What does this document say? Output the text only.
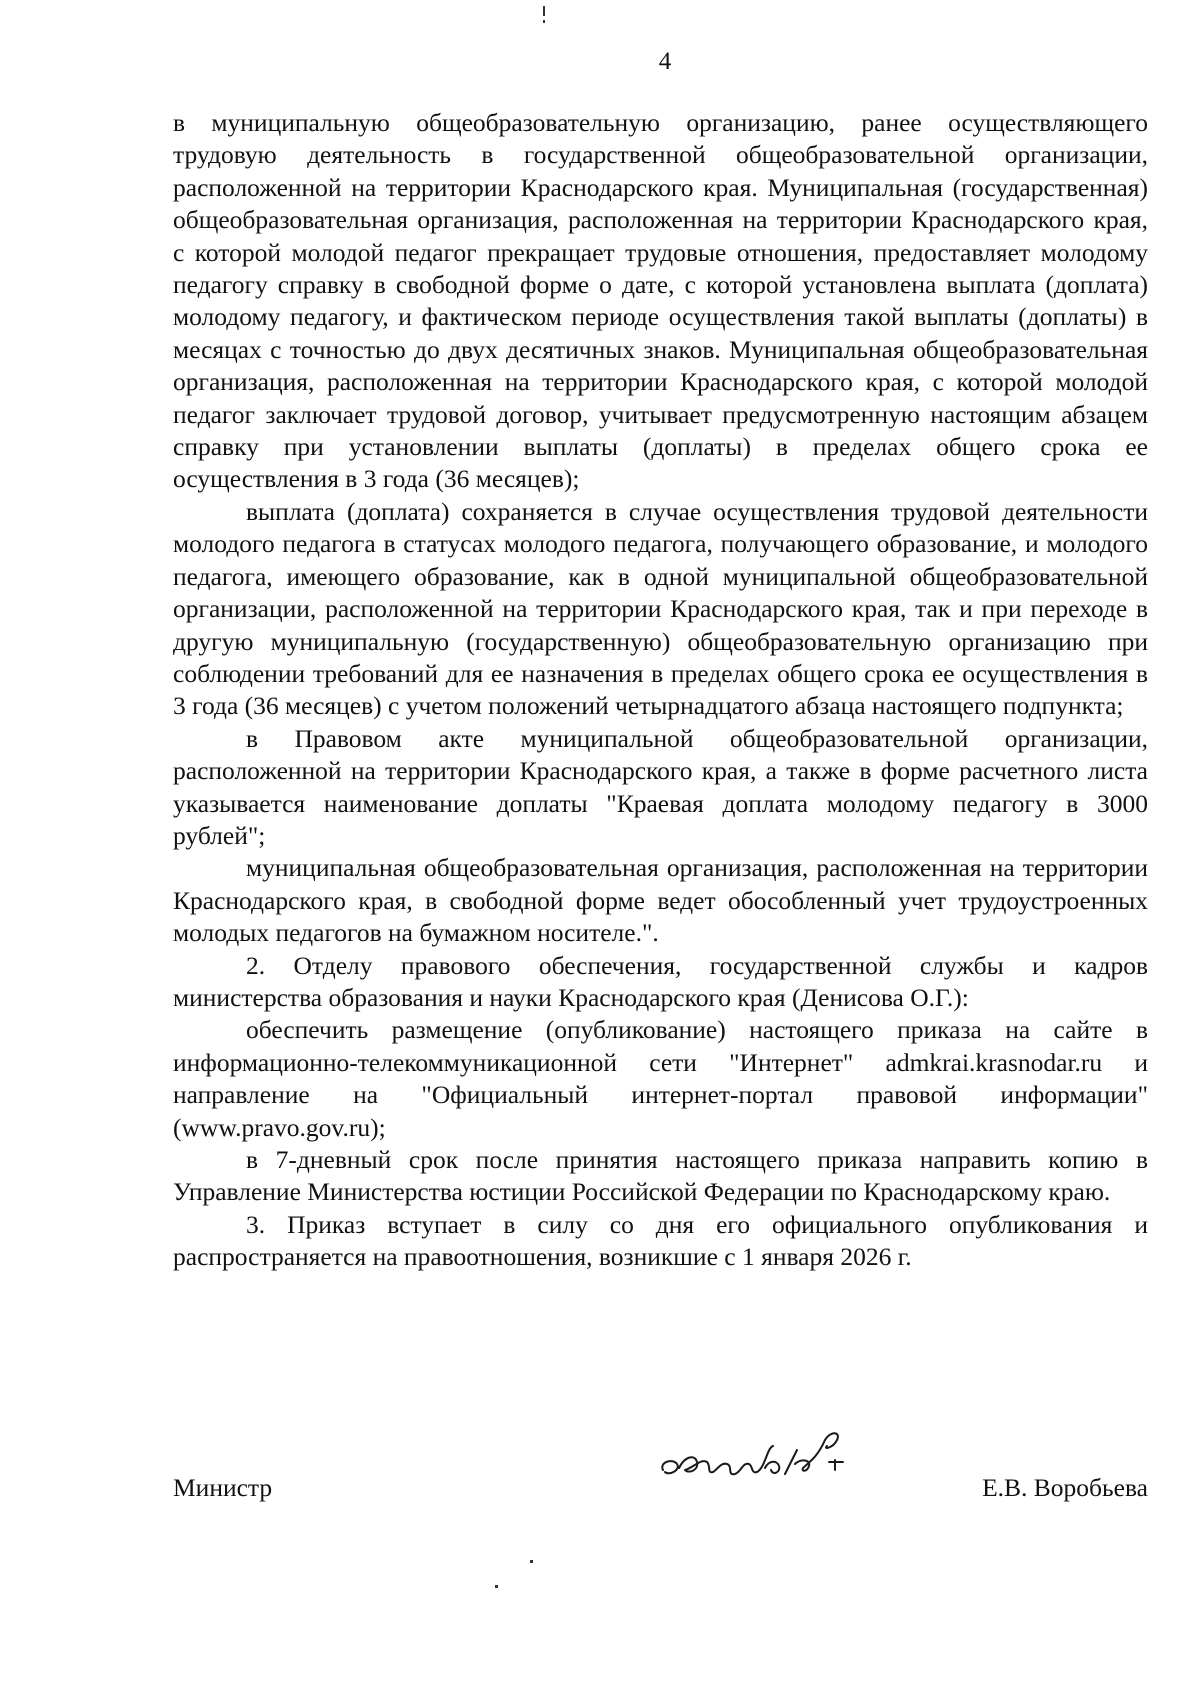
4

в муниципальную общеобразовательную организацию, ранее осуществляющего трудовую деятельность в государственной общеобразовательной организации, расположенной на территории Краснодарского края. Муниципальная (государственная) общеобразовательная организация, расположенная на территории Краснодарского края, с которой молодой педагог прекращает трудовые отношения, предоставляет молодому педагогу справку в свободной форме о дате, с которой установлена выплата (доплата) молодому педагогу, и фактическом периоде осуществления такой выплаты (доплаты) в месяцах с точностью до двух десятичных знаков. Муниципальная общеобразовательная организация, расположенная на территории Краснодарского края, с которой молодой педагог заключает трудовой договор, учитывает предусмотренную настоящим абзацем справку при установлении выплаты (доплаты) в пределах общего срока ее осуществления в 3 года (36 месяцев);

выплата (доплата) сохраняется в случае осуществления трудовой деятельности молодого педагога в статусах молодого педагога, получающего образование, и молодого педагога, имеющего образование, как в одной муниципальной общеобразовательной организации, расположенной на территории Краснодарского края, так и при переходе в другую муниципальную (государственную) общеобразовательную организацию при соблюдении требований для ее назначения в пределах общего срока ее осуществления в 3 года (36 месяцев) с учетом положений четырнадцатого абзаца настоящего подпункта;

в Правовом акте муниципальной общеобразовательной организации, расположенной на территории Краснодарского края, а также в форме расчетного листа указывается наименование доплаты "Краевая доплата молодому педагогу в 3000 рублей";

муниципальная общеобразовательная организация, расположенная на территории Краснодарского края, в свободной форме ведет обособленный учет трудоустроенных молодых педагогов на бумажном носителе.".

2. Отделу правового обеспечения, государственной службы и кадров министерства образования и науки Краснодарского края (Денисова О.Г.):

обеспечить размещение (опубликование) настоящего приказа на сайте в информационно-телекоммуникационной сети "Интернет" admkrai.krasnodar.ru и направление на "Официальный интернет-портал правовой информации" (www.pravo.gov.ru);

в 7-дневный срок после принятия настоящего приказа направить копию в Управление Министерства юстиции Российской Федерации по Краснодарскому краю.

3. Приказ вступает в силу со дня его официального опубликования и распространяется на правоотношения, возникшие с 1 января 2026 г.

Министр	Е.В. Воробьева
